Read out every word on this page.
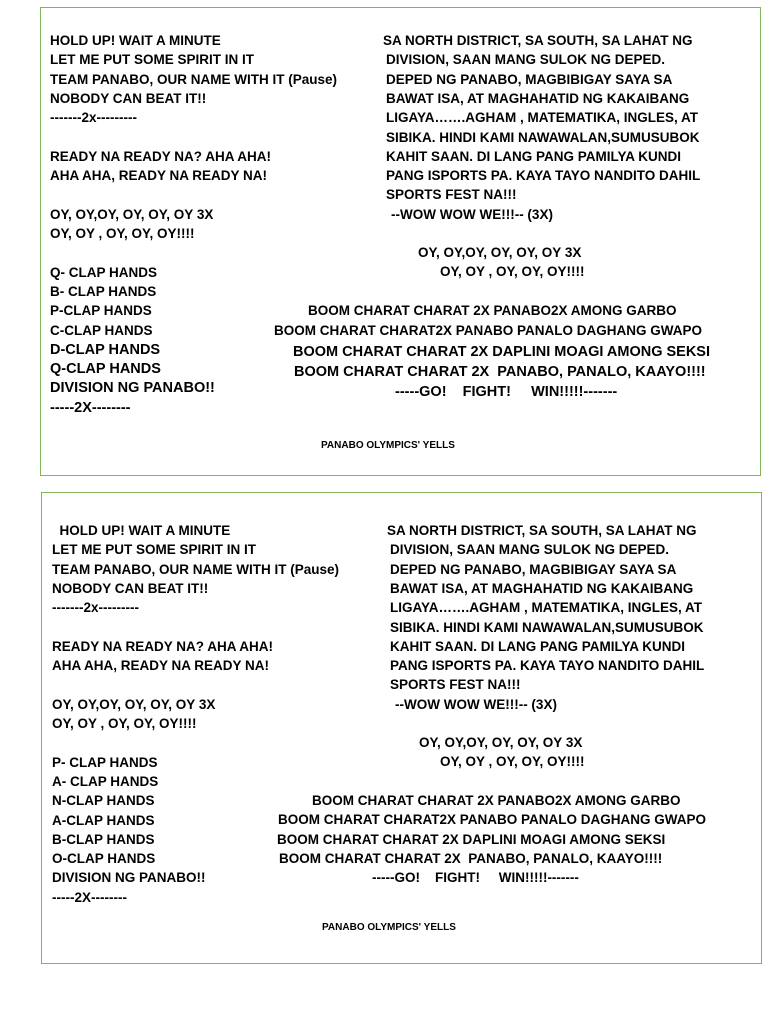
HOLD UP! WAIT A MINUTE
LET ME PUT SOME SPIRIT IN IT
TEAM PANABO, OUR NAME WITH IT (Pause)
NOBODY CAN BEAT IT!!
-------2x---------
READY NA READY NA? AHA AHA!
AHA AHA, READY NA READY NA!
OY, OY,OY, OY, OY, OY 3X
OY, OY , OY, OY, OY!!!!
Q- CLAP HANDS
B- CLAP HANDS
P-CLAP HANDS
C-CLAP HANDS
D-CLAP HANDS
Q-CLAP HANDS
DIVISION NG PANABO!!
-----2X--------
SA NORTH DISTRICT, SA SOUTH, SA LAHAT NG
DIVISION, SAAN MANG SULOK NG DEPED.
DEPED NG PANABO, MAGBIBIGAY SAYA SA
BAWAT ISA, AT MAGHAHATID NG KAKAIBANG
LIGAYA…….AGHAM , MATEMATIKA, INGLES, AT
SIBIKA. HINDI KAMI NAWAWALAN,SUMUSUBOK
KAHIT SAAN. DI LANG PANG PAMILYA KUNDI
PANG ISPORTS PA. KAYA TAYO NANDITO DAHIL
SPORTS FEST NA!!!
--WOW WOW WE!!!-- (3X)
OY, OY,OY, OY, OY, OY 3X
OY, OY , OY, OY, OY!!!!
BOOM CHARAT CHARAT 2X PANABO2X AMONG GARBO
BOOM CHARAT CHARAT2X PANABO PANALO DAGHANG GWAPO
BOOM CHARAT CHARAT 2X DAPLINI MOAGI AMONG SEKSI
BOOM CHARAT CHARAT 2X  PANABO, PANALO, KAAYO!!!!
-----GO!    FIGHT!     WIN!!!!!-------
PANABO OLYMPICS' YELLS
HOLD UP! WAIT A MINUTE
LET ME PUT SOME SPIRIT IN IT
TEAM PANABO, OUR NAME WITH IT (Pause)
NOBODY CAN BEAT IT!!
-------2x---------
READY NA READY NA? AHA AHA!
AHA AHA, READY NA READY NA!
OY, OY,OY, OY, OY, OY 3X
OY, OY , OY, OY, OY!!!!
P- CLAP HANDS
A- CLAP HANDS
N-CLAP HANDS
A-CLAP HANDS
B-CLAP HANDS
O-CLAP HANDS
DIVISION NG PANABO!!
-----2X--------
SA NORTH DISTRICT, SA SOUTH, SA LAHAT NG
DIVISION, SAAN MANG SULOK NG DEPED.
DEPED NG PANABO, MAGBIBIGAY SAYA SA
BAWAT ISA, AT MAGHAHATID NG KAKAIBANG
LIGAYA…….AGHAM , MATEMATIKA, INGLES, AT
SIBIKA. HINDI KAMI NAWAWALAN,SUMUSUBOK
KAHIT SAAN. DI LANG PANG PAMILYA KUNDI
PANG ISPORTS PA. KAYA TAYO NANDITO DAHIL
SPORTS FEST NA!!!
--WOW WOW WE!!!-- (3X)
OY, OY,OY, OY, OY, OY 3X
OY, OY , OY, OY, OY!!!!
BOOM CHARAT CHARAT 2X PANABO2X AMONG GARBO
BOOM CHARAT CHARAT2X PANABO PANALO DAGHANG GWAPO
BOOM CHARAT CHARAT 2X DAPLINI MOAGI AMONG SEKSI
BOOM CHARAT CHARAT 2X  PANABO, PANALO, KAAYO!!!!
-----GO!    FIGHT!     WIN!!!!!-------
PANABO OLYMPICS' YELLS
